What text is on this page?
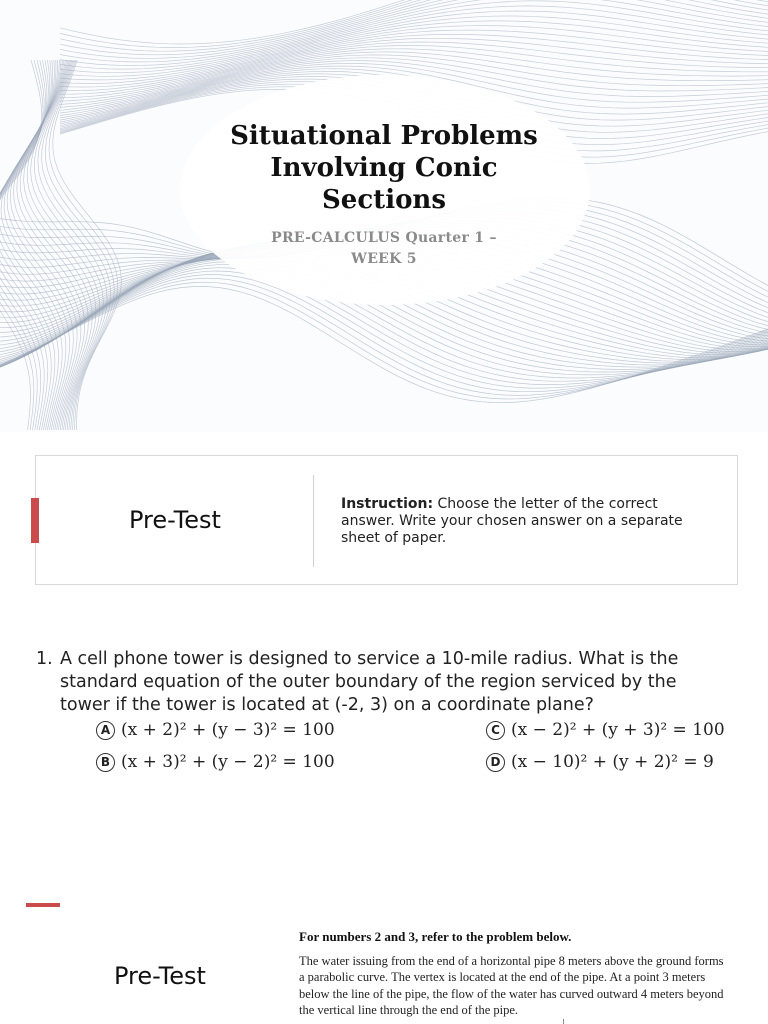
Situational Problems
Involving Conic
Sections
PRE-CALCULUS Quarter 1 –
WEEK 5
Pre-Test
Instruction: Choose the letter of the correct answer. Write your chosen answer on a separate sheet of paper.
1. A cell phone tower is designed to service a 10-mile radius. What is the
standard equation of the outer boundary of the region serviced by the
tower if the tower is located at (-2, 3) on a coordinate plane?
A (x + 2)² + (y − 3)² = 100
B (x + 3)² + (y − 2)² = 100
C (x − 2)² + (y + 3)² = 100
D (x − 10)² + (y + 2)² = 9
Pre-Test
For numbers 2 and 3, refer to the problem below.
The water issuing from the end of a horizontal pipe 8 meters above the ground forms
a parabolic curve. The vertex is located at the end of the pipe. At a point 3 meters
below the line of the pipe, the flow of the water has curved outward 4 meters beyond
the vertical line through the end of the pipe.
